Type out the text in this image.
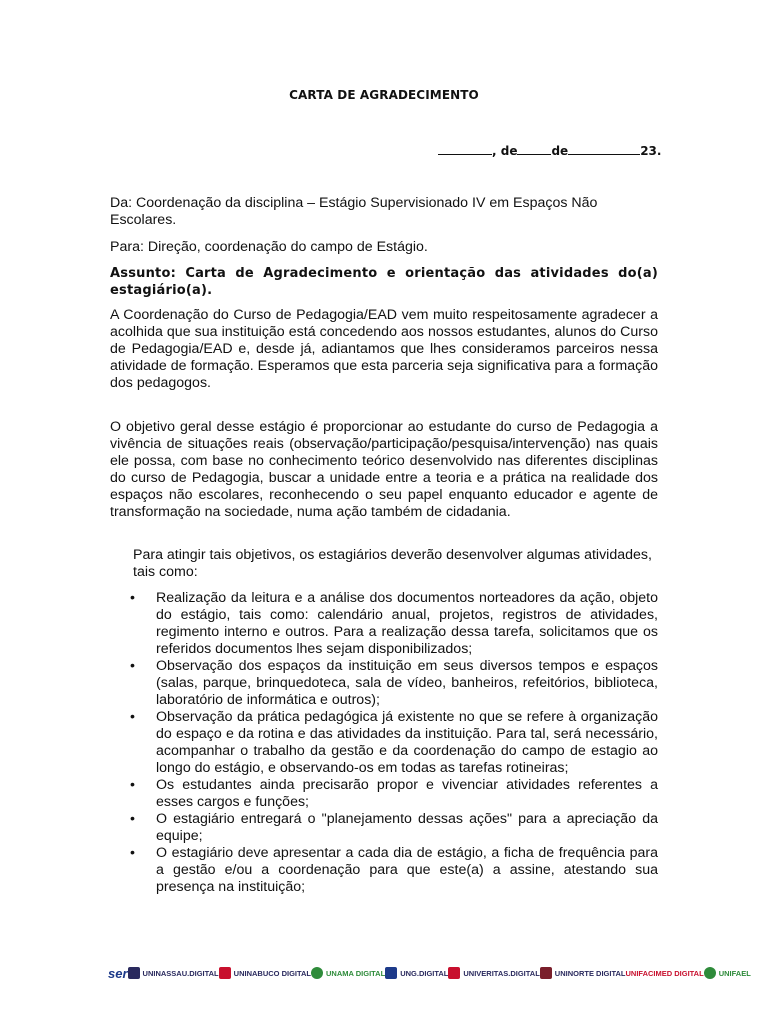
CARTA DE AGRADECIMENTO
, de	de	23.

Da: Coordenação da disciplina – Estágio Supervisionado IV em Espaços Não Escolares.

Para: Direção, coordenação do campo de Estágio.

Assunto: Carta de Agradecimento e orientação das atividades do(a) estagiário(a).

A Coordenação do Curso de Pedagogia/EAD vem muito respeitosamente agradecer a acolhida que sua instituição está concedendo aos nossos estudantes, alunos do Curso de Pedagogia/EAD e, desde já, adiantamos que lhes consideramos parceiros nessa atividade de formação. Esperamos que esta parceria seja significativa para a formação dos pedagogos.

O objetivo geral desse estágio é proporcionar ao estudante do curso de Pedagogia a vivência de situações reais (observação/participação/pesquisa/intervenção) nas quais ele possa, com base no conhecimento teórico desenvolvido nas diferentes disciplinas do curso de Pedagogia, buscar a unidade entre a teoria e a prática na realidade dos espaços não escolares, reconhecendo o seu papel enquanto educador e agente de transformação na sociedade, numa ação também de cidadania.

Para atingir tais objetivos, os estagiários deverão desenvolver algumas atividades, tais como:

• Realização da leitura e a análise dos documentos norteadores da ação, objeto do estágio, tais como: calendário anual, projetos, registros de atividades, regimento interno e outros. Para a realização dessa tarefa, solicitamos que os referidos documentos lhes sejam disponibilizados;
• Observação dos espaços da instituição em seus diversos tempos e espaços (salas, parque, brinquedoteca, sala de vídeo, banheiros, refeitórios, biblioteca, laboratório de informática e outros);
• Observação da prática pedagógica já existente no que se refere à organização do espaço e da rotina e das atividades da instituição. Para tal, será necessário, acompanhar o trabalho da gestão e da coordenação do campo de estagio ao longo do estágio, e observando-os em todas as tarefas rotineiras;
• Os estudantes ainda precisarão propor e vivenciar atividades referentes a esses cargos e funções;
• O estagiário entregará o "planejamento dessas ações" para a apreciação da equipe;
• O estagiário deve apresentar a cada dia de estágio, a ficha de frequência para a gestão e/ou a coordenação para que este(a) a assine, atestando sua presença na instituição;
ser UNINASSAU.DIGITAL UNINABUCO DIGITAL UNAMA DIGITAL UNG.DIGITAL UNIVERITAS.DIGITAL UNINORTE DIGITAL UNIFACIMED DIGITAL UNIFAEL
